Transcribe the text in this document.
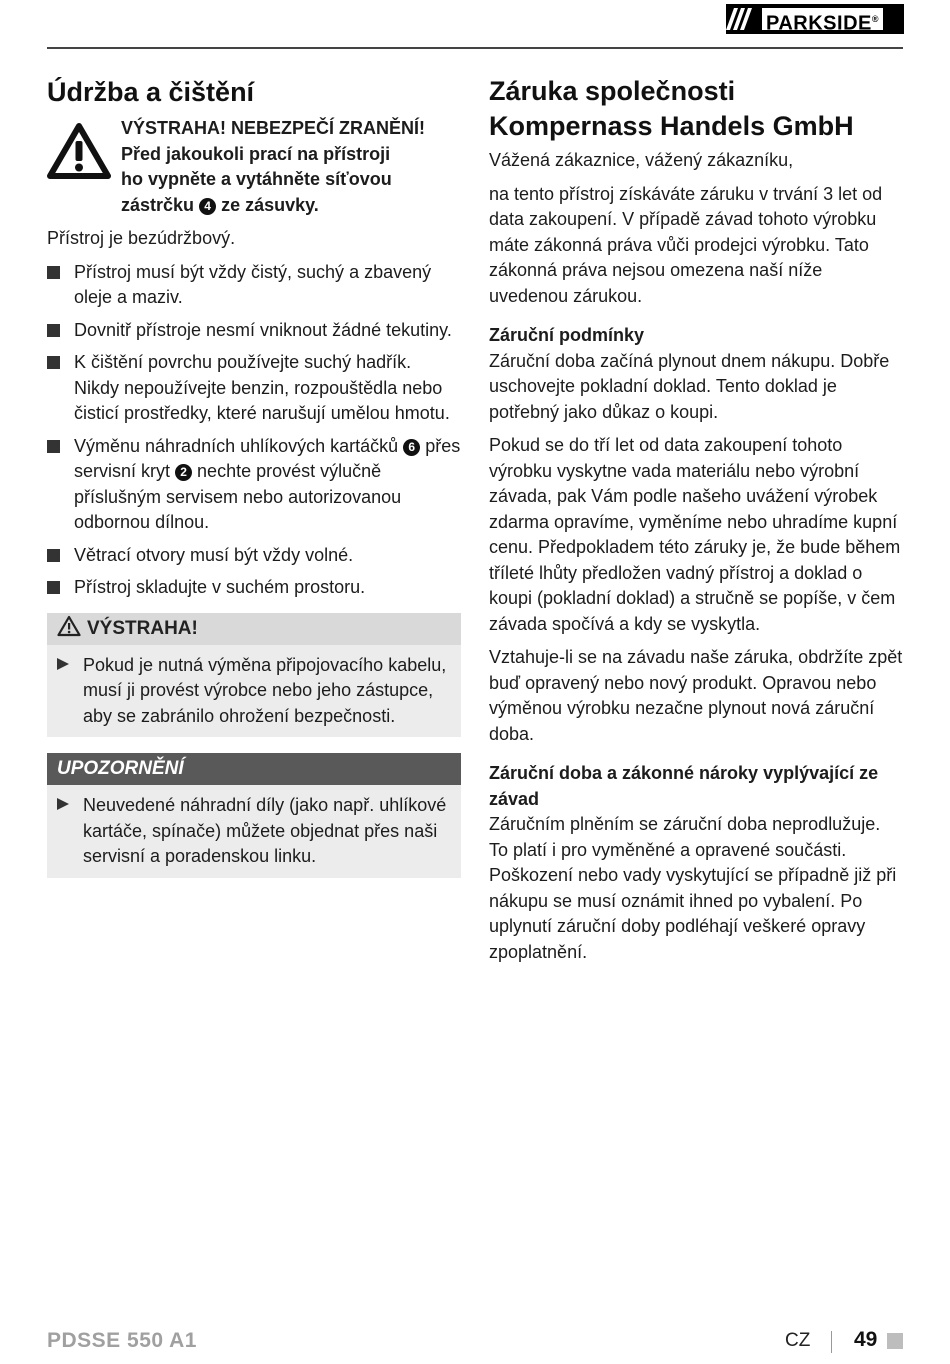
PARKSIDE®
Údržba a čištění
VÝSTRAHA! NEBEZPEČÍ ZRANĚNÍ!
Před jakoukoli prací na přístroji
ho vypněte a vytáhněte síťovou
zástrčku 4 ze zásuvky.

Přístroj je bezúdržbový.

Přístroj musí být vždy čistý, suchý a zbavený oleje a maziv.
Dovnitř přístroje nesmí vniknout žádné tekutiny.
K čištění povrchu používejte suchý hadřík. Nikdy nepoužívejte benzin, rozpouštědla nebo čisticí prostředky, které narušují umělou hmotu.
Výměnu náhradních uhlíkových kartáčků 6 přes servisní kryt 2 nechte provést výlučně příslušným servisem nebo autorizovanou odbornou dílnou.
Větrací otvory musí být vždy volné.
Přístroj skladujte v suchém prostoru.
VÝSTRAHA!
Pokud je nutná výměna připojovacího kabelu, musí ji provést výrobce nebo jeho zástupce, aby se zabránilo ohrožení bezpečnosti.
UPOZORNĚNÍ
Neuvedené náhradní díly (jako např. uhlíkové kartáče, spínače) můžete objednat přes naši servisní a poradenskou linku.
Záruka společnosti
Kompernass Handels GmbH

Vážená zákaznice, vážený zákazníku,

na tento přístroj získáváte záruku v trvání 3 let od data zakoupení. V případě závad tohoto výrobku máte zákonná práva vůči prodejci výrobku. Tato zákonná práva nejsou omezena naší níže uvedenou zárukou.

Záruční podmínky

Záruční doba začíná plynout dnem nákupu. Dobře uschovejte pokladní doklad. Tento doklad je potřebný jako důkaz o koupi.

Pokud se do tří let od data zakoupení tohoto výrobku vyskytne vada materiálu nebo výrobní závada, pak Vám podle našeho uvážení výrobek zdarma opravíme, vyměníme nebo uhradíme kupní cenu. Předpokladem této záruky je, že bude během tříleté lhůty předložen vadný přístroj a doklad o koupi (pokladní doklad) a stručně se popíše, v čem závada spočívá a kdy se vyskytla.

Vztahuje-li se na závadu naše záruka, obdržíte zpět buď opravený nebo nový produkt. Opravou nebo výměnou výrobku nezačne plynout nová záruční doba.

Záruční doba a zákonné nároky vyplývající ze závad

Záručním plněním se záruční doba neprodlužuje. To platí i pro vyměněné a opravené součásti. Poškození nebo vady vyskytující se případně již při nákupu se musí oznámit ihned po vybalení. Po uplynutí záruční doby podléhají veškeré opravy zpoplatnění.

PDSSE 550 A1	CZ 49
